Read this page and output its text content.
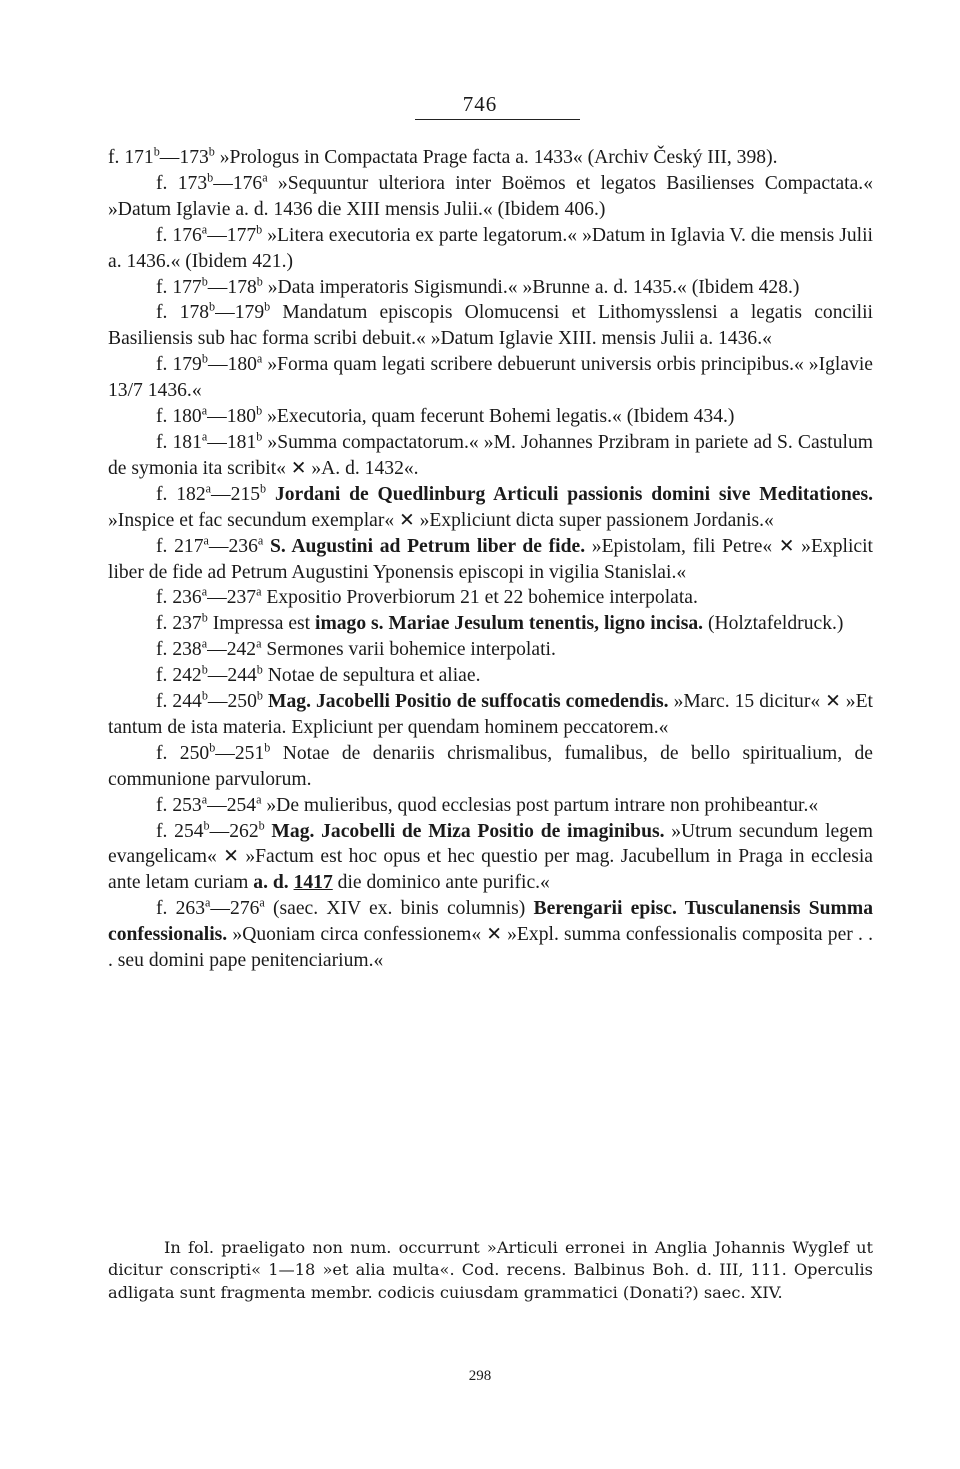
746

f. 171$^b$—173$^b$ »Prologus in Compactata Prage facta a. 1433« (Archiv Český III, 398).

f. 173$^b$—176$^a$ »Sequuntur ulteriora inter Boëmos et legatos Basilienses Compactata.« »Datum Iglavie a. d. 1436 die XIII mensis Julii.« (Ibidem 406.)

f. 176$^a$—177$^b$ »Litera executoria ex parte legatorum.« »Datum in Iglavia V. die mensis Julii a. 1436.« (Ibidem 421.)

f. 177$^b$—178$^b$ »Data imperatoris Sigismundi.« »Brunne a. d. 1435.« (Ibidem 428.)

f. 178$^b$—179$^b$ Mandatum episcopis Olomucensi et Lithomysslensi a legatis concilii Basiliensis sub hac forma scribi debuit.« »Datum Iglavie XIII. mensis Julii a. 1436.«

f. 179$^b$—180$^a$ »Forma quam legati scribere debuerunt universis orbis principibus.« »Iglavie 13/7 1436.«

f. 180$^a$—180$^b$ »Executoria, quam fecerunt Bohemi legatis.« (Ibidem 434.)

f. 181$^a$—181$^b$ »Summa compactatorum.« »M. Johannes Przibram in pariete ad S. Castulum de symonia ita scribit« ✕ »A. d. 1432«.

f. 182$^a$—215$^b$ Jordani de Quedlinburg Articuli passionis domini sive Meditationes. »Inspice et fac secundum exemplar« ✕ »Expliciunt dicta super passionem Jordanis.«

f. 217$^a$—236$^a$ S. Augustini ad Petrum liber de fide. »Epistolam, fili Petre« ✕ »Explicit liber de fide ad Petrum Augustini Yponensis episcopi in vigilia Stanislai.«

f. 236$^a$—237$^a$ Expositio Proverbiorum 21 et 22 bohemice interpolata.

f. 237$^b$ Impressa est imago s. Mariae Jesulum tenentis, ligno incisa. (Holztafeldruck.)

f. 238$^a$—242$^a$ Sermones varii bohemice interpolati.

f. 242$^b$—244$^b$ Notae de sepultura et aliae.

f. 244$^b$—250$^b$ Mag. Jacobelli Positio de suffocatis comedendis. »Marc. 15 dicitur« ✕ »Et tantum de ista materia. Expliciunt per quendam hominem peccatorem.«

f. 250$^b$—251$^b$ Notae de denariis chrismalibus, fumalibus, de bello spiritualium, de communione parvulorum.

f. 253$^a$—254$^a$ »De mulieribus, quod ecclesias post partum intrare non prohibeantur.«

f. 254$^b$—262$^b$ Mag. Jacobelli de Miza Positio de imaginibus. »Utrum secundum legem evangelicam« ✕ »Factum est hoc opus et hec questio per mag. Jacubellum in Praga in ecclesia ante letam curiam a. d. 1417 die dominico ante purific.«

f. 263$^a$—276$^a$ (saec. XIV ex. binis columnis) Berengarii episc. Tusculanensis Summa confessionalis. »Quoniam circa confessionem« ✕ »Expl. summa confessionalis composita per . . . seu domini pape penitenciarium.«

In fol. praeligato non num. occurrunt »Articuli erronei in Anglia Johannis Wyglef ut dicitur conscripti« 1—18 »et alia multa«. Cod. recens. Balbinus Boh. d. III, 111. Operculis adligata sunt fragmenta membr. codicis cuiusdam grammatici (Donati?) saec. XIV.

298
